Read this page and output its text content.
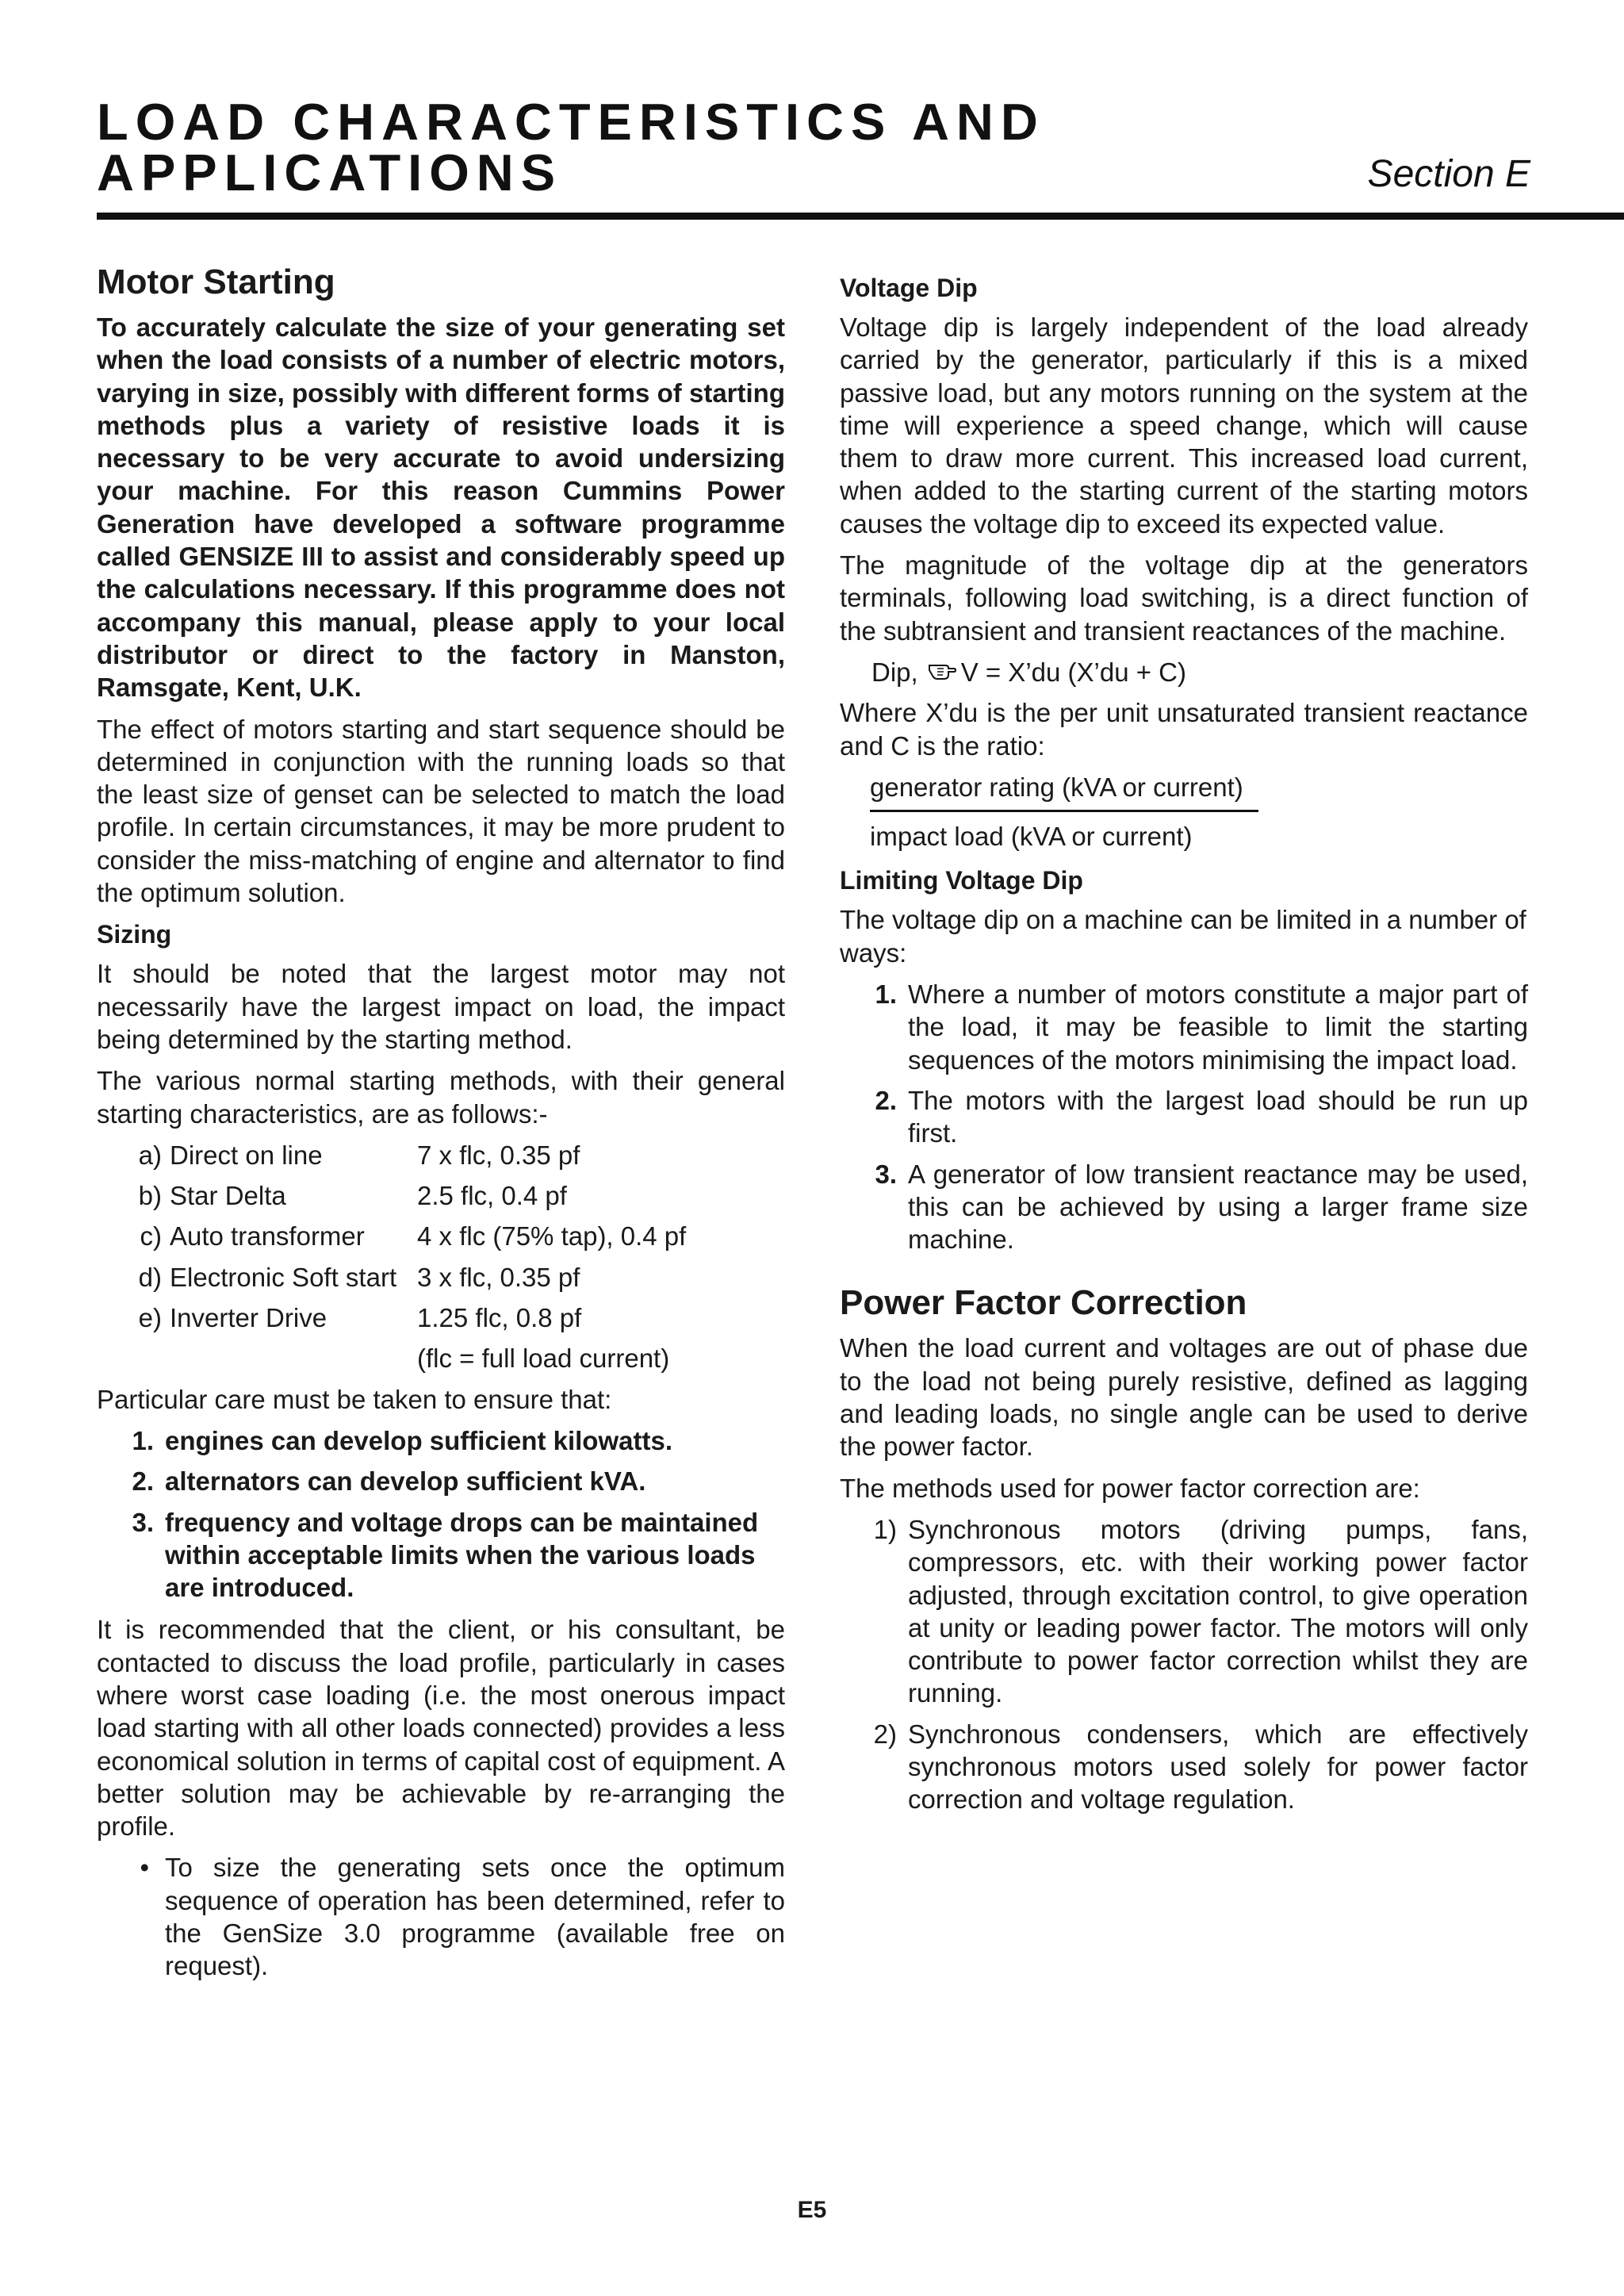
LOAD CHARACTERISTICS AND
APPLICATIONS	Section E
Motor Starting

To accurately calculate the size of your generating set when the load consists of a number of electric motors, varying in size, possibly with different forms of starting methods plus a variety of resistive loads it is necessary to be very accurate to avoid undersizing your machine. For this reason Cummins Power Generation have developed a software programme called GENSIZE III to assist and considerably speed up the calculations necessary. If this programme does not accompany this manual, please apply to your local distributor or direct to the factory in Manston, Ramsgate, Kent, U.K.

The effect of motors starting and start sequence should be determined in conjunction with the running loads so that the least size of genset can be selected to match the load profile. In certain circumstances, it may be more prudent to consider the miss-matching of engine and alternator to find the optimum solution.

Sizing

It should be noted that the largest motor may not necessarily have the largest impact on load, the impact being determined by the starting method.

The various normal starting methods, with their general starting characteristics, are as follows:-

a) Direct on line	7 x flc, 0.35 pf
b) Star Delta	2.5 flc, 0.4 pf
c) Auto transformer	4 x flc (75% tap), 0.4 pf
d) Electronic Soft start 3 x flc, 0.35 pf
e) Inverter Drive	1.25 flc, 0.8 pf
(flc = full load current)

Particular care must be taken to ensure that:

1. engines can develop sufficient kilowatts.
2. alternators can develop sufficient kVA.
3. frequency and voltage drops can be maintained within acceptable limits when the various loads are introduced.

It is recommended that the client, or his consultant, be contacted to discuss the load profile, particularly in cases where worst case loading (i.e. the most onerous impact load starting with all other loads connected) provides a less economical solution in terms of capital cost of equipment. A better solution may be achievable by re-arranging the profile.

• To size the generating sets once the optimum sequence of operation has been determined, refer to the GenSize 3.0 programme (available free on request).
Voltage Dip

Voltage dip is largely independent of the load already carried by the generator, particularly if this is a mixed passive load, but any motors running on the system at the time will experience a speed change, which will cause them to draw more current. This increased load current, when added to the starting current of the starting motors causes the voltage dip to exceed its expected value.

The magnitude of the voltage dip at the generators terminals, following load switching, is a direct function of the subtransient and transient reactances of the machine.

Dip, V = X’du (X’du + C)

Where X’du is the per unit unsaturated transient reactance and C is the ratio:

generator rating (kVA or current)
impact load (kVA or current)
Limiting Voltage Dip

The voltage dip on a machine can be limited in a number of ways:

1. Where a number of motors constitute a major part of the load, it may be feasible to limit the starting sequences of the motors minimising the impact load.
2. The motors with the largest load should be run up first.
3. A generator of low transient reactance may be used, this can be achieved by using a larger frame size machine.
Power Factor Correction

When the load current and voltages are out of phase due to the load not being purely resistive, defined as lagging and leading loads, no single angle can be used to derive the power factor.

The methods used for power factor correction are:

1) Synchronous motors (driving pumps, fans, compressors, etc. with their working power factor adjusted, through excitation control, to give operation at unity or leading power factor. The motors will only contribute to power factor correction whilst they are running.
2) Synchronous condensers, which are effectively synchronous motors used solely for power factor correction and voltage regulation.
E5
